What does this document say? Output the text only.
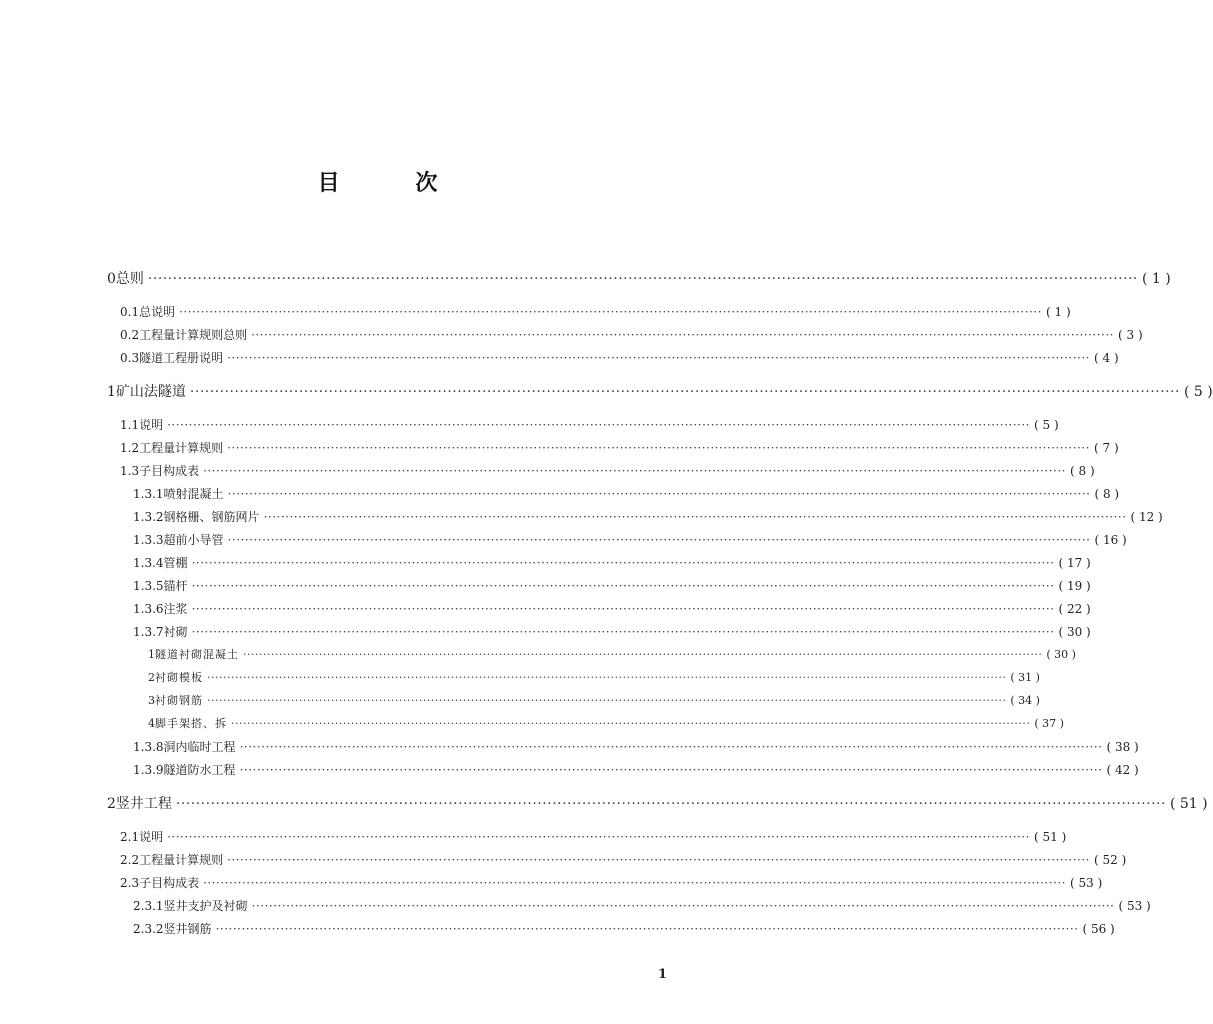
目 次
0 总则 ········································································································································································································ ( 1 )
0.1 总说明 ········································································································································································································ ( 1 )
0.2 工程量计算规则总则 ········································································································································································································ ( 3 )
0.3 隧道工程册说明 ········································································································································································································ ( 4 )
1 矿山法隧道 ········································································································································································································ ( 5 )
1.1 说明 ········································································································································································································ ( 5 )
1.2 工程量计算规则 ········································································································································································································ ( 7 )
1.3 子目构成表 ········································································································································································································ ( 8 )
1.3.1 喷射混凝土 ········································································································································································································ ( 8 )
1.3.2 钢格栅、钢筋网片 ········································································································································································································ ( 12 )
1.3.3 超前小导管 ········································································································································································································ ( 16 )
1.3.4 管棚 ········································································································································································································ ( 17 )
1.3.5 锚杆 ········································································································································································································ ( 19 )
1.3.6 注浆 ········································································································································································································ ( 22 )
1.3.7 衬砌 ········································································································································································································ ( 30 )
1 隧道衬砌混凝土 ········································································································································································································ ( 30 )
2 衬砌模板 ········································································································································································································ ( 31 )
3 衬砌钢筋 ········································································································································································································ ( 34 )
4 脚手架搭、拆 ········································································································································································································ ( 37 )
1.3.8 洞内临时工程 ········································································································································································································ ( 38 )
1.3.9 隧道防水工程 ········································································································································································································ ( 42 )
2 竖井工程 ········································································································································································································ ( 51 )
2.1 说明 ········································································································································································································ ( 51 )
2.2 工程量计算规则 ········································································································································································································ ( 52 )
2.3 子目构成表 ········································································································································································································ ( 53 )
2.3.1 竖井支护及衬砌 ········································································································································································································ ( 53 )
2.3.2 竖井钢筋 ········································································································································································································ ( 56 )
1
